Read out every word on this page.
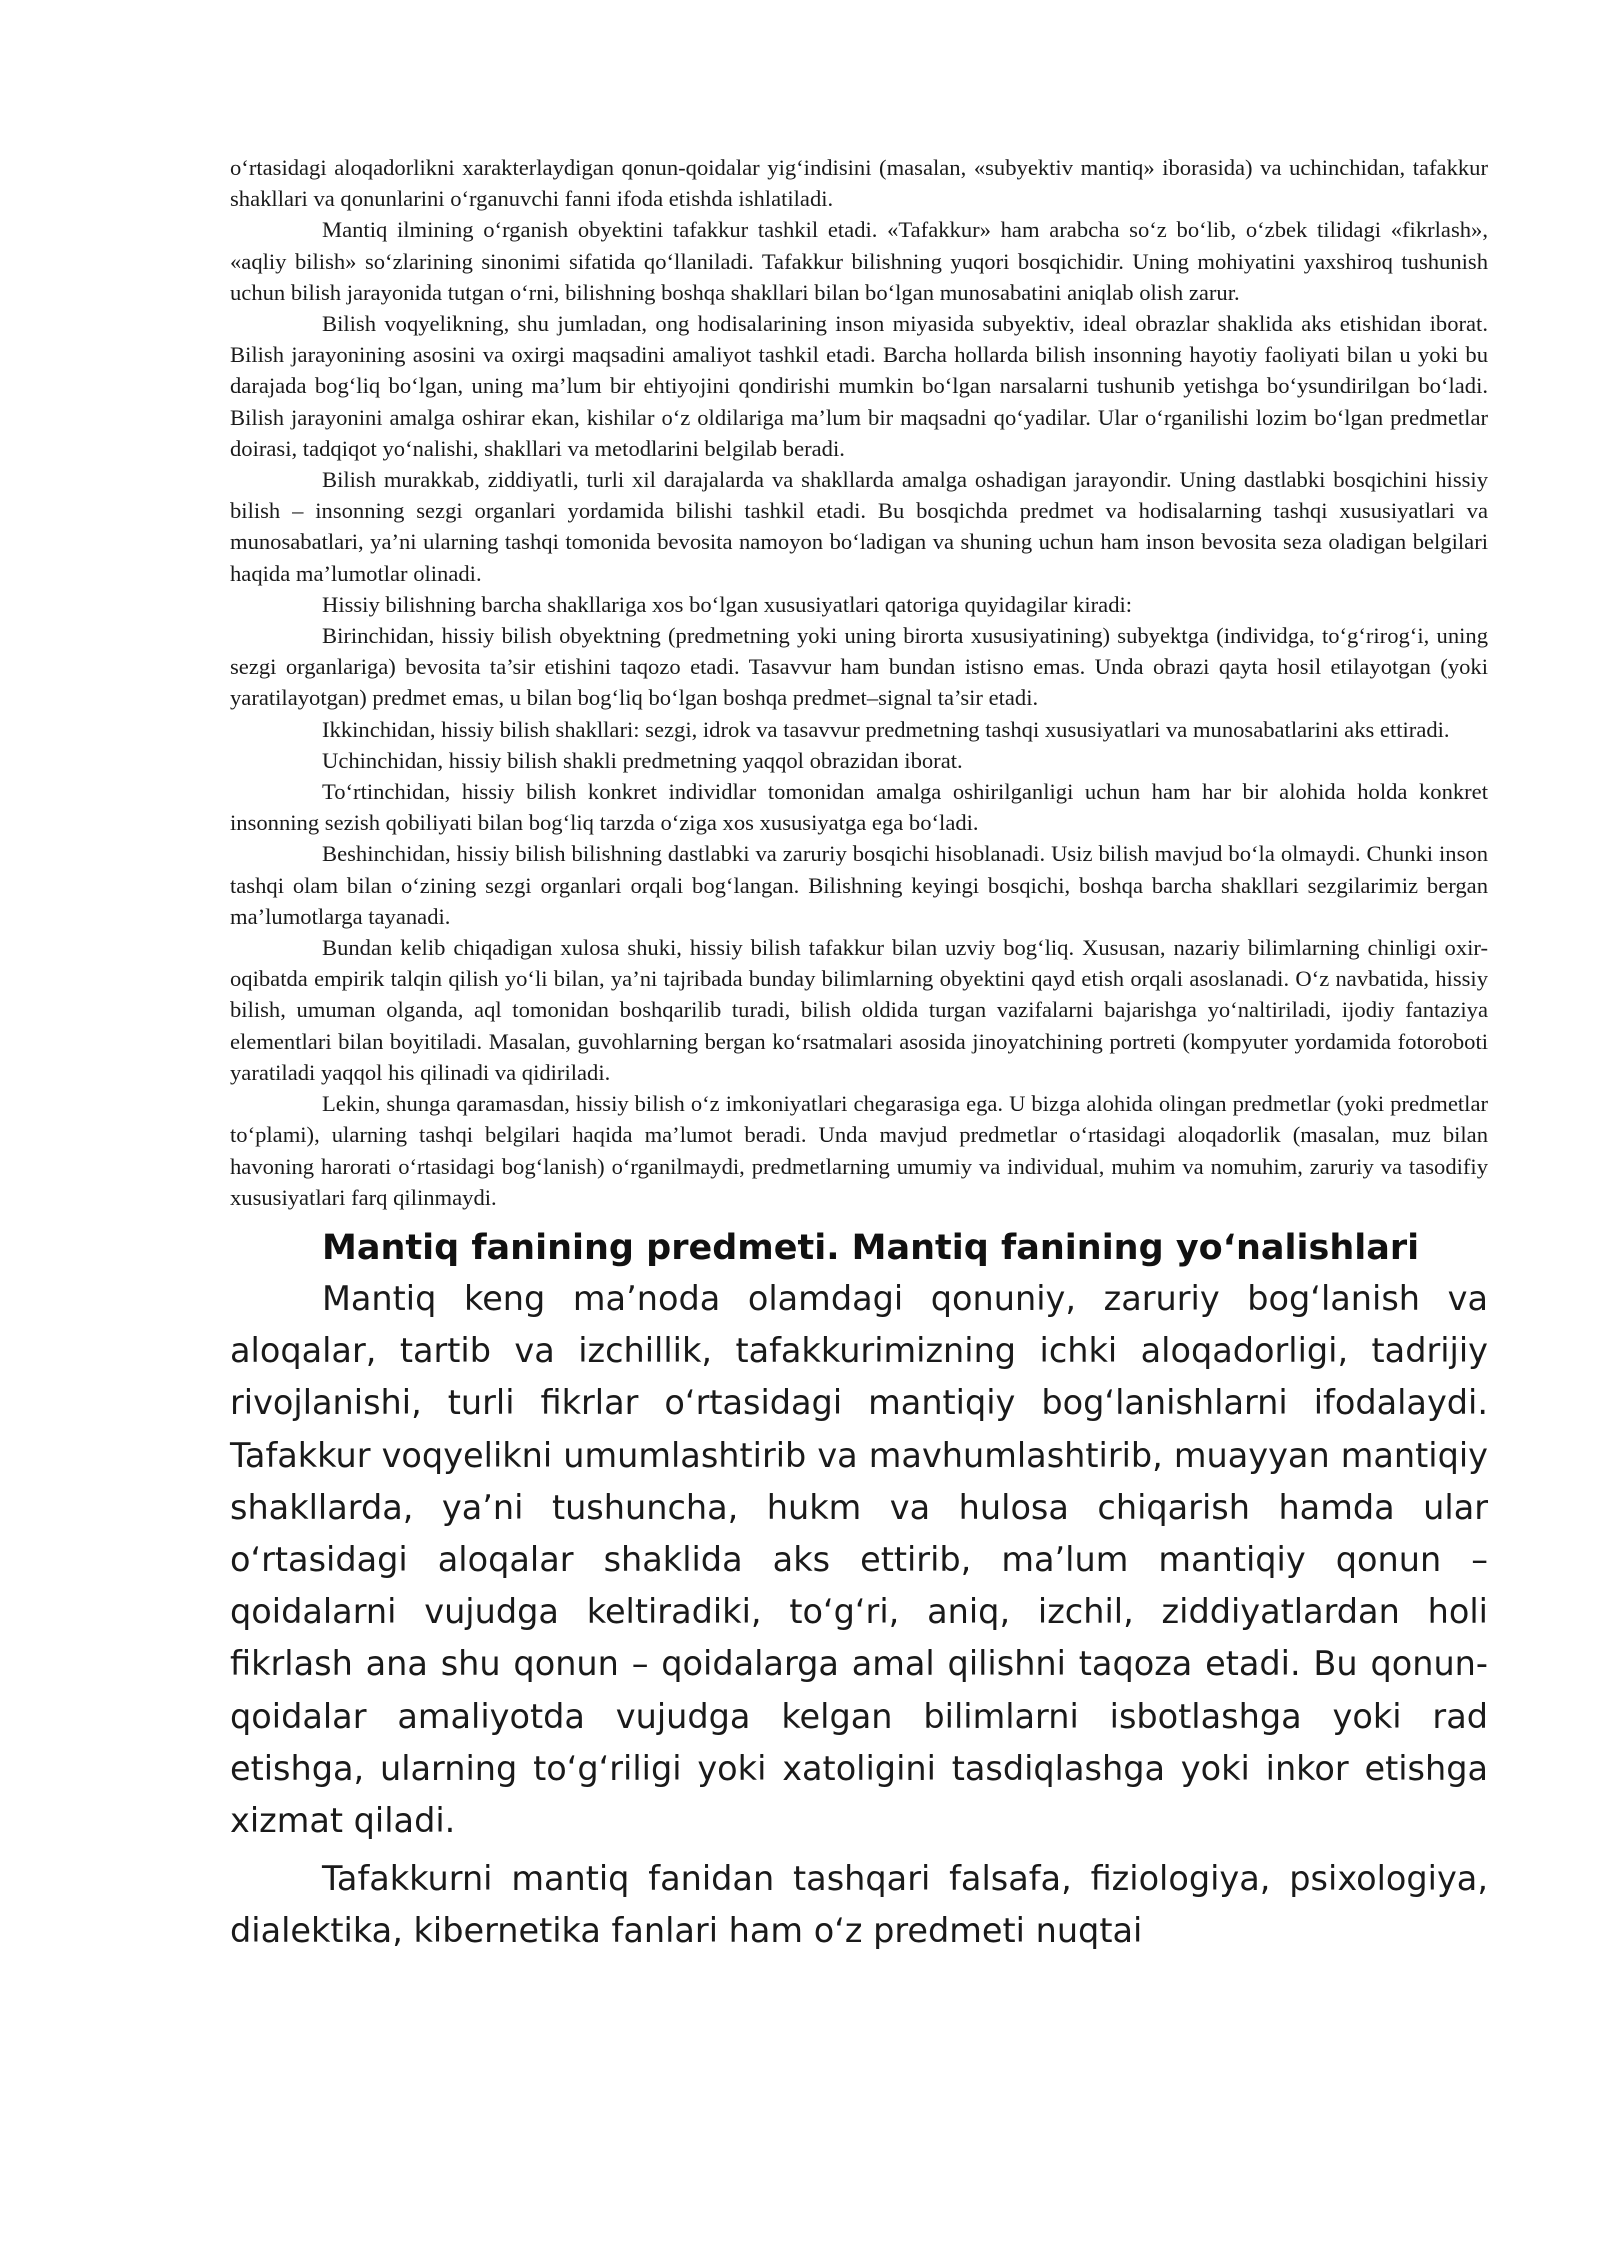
o‘rtasidagi aloqadorlikni xarakterlaydigan qonun-qoidalar yig‘indisini (masalan, «subyektiv mantiq» iborasida) va uchinchidan, tafakkur shakllari va qonunlarini o‘rganuvchi fanni ifoda etishda ishlatiladi.

Mantiq ilmining o‘rganish obyektini tafakkur tashkil etadi. «Tafakkur» ham arabcha so‘z bo‘lib, o‘zbek tilidagi «fikrlash», «aqliy bilish» so‘zlarining sinonimi sifatida qo‘llaniladi. Tafakkur bilishning yuqori bosqichidir. Uning mohiyatini yaxshiroq tushunish uchun bilish jarayonida tutgan o‘rni, bilishning boshqa shakllari bilan bo‘lgan munosabatini aniqlab olish zarur.

Bilish voqyelikning, shu jumladan, ong hodisalarining inson miyasida subyektiv, ideal obrazlar shaklida aks etishidan iborat. Bilish jarayonining asosini va oxirgi maqsadini amaliyot tashkil etadi. Barcha hollarda bilish insonning hayotiy faoliyati bilan u yoki bu darajada bog‘liq bo‘lgan, uning ma’lum bir ehtiyojini qondirishi mumkin bo‘lgan narsalarni tushunib yetishga bo‘ysundirilgan bo‘ladi. Bilish jarayonini amalga oshirar ekan, kishilar o‘z oldilariga ma’lum bir maqsadni qo‘yadilar. Ular o‘rganilishi lozim bo‘lgan predmetlar doirasi, tadqiqot yo‘nalishi, shakllari va metodlarini belgilab beradi.

Bilish murakkab, ziddiyatli, turli xil darajalarda va shakllarda amalga oshadigan jarayondir. Uning dastlabki bosqichini hissiy bilish – insonning sezgi organlari yordamida bilishi tashkil etadi. Bu bosqichda predmet va hodisalarning tashqi xususiyatlari va munosabatlari, ya’ni ularning tashqi tomonida bevosita namoyon bo‘ladigan va shuning uchun ham inson bevosita seza oladigan belgilari haqida ma’lumotlar olinadi.

Hissiy bilishning barcha shakllariga xos bo‘lgan xususiyatlari qatoriga quyidagilar kiradi:

Birinchidan, hissiy bilish obyektning (predmetning yoki uning birorta xususiyatining) subyektga (individga, to‘g‘rirog‘i, uning sezgi organlariga) bevosita ta’sir etishini taqozo etadi. Tasavvur ham bundan istisno emas. Unda obrazi qayta hosil etilayotgan (yoki yaratilayotgan) predmet emas, u bilan bog‘liq bo‘lgan boshqa predmet–signal ta’sir etadi.

Ikkinchidan, hissiy bilish shakllari: sezgi, idrok va tasavvur predmetning tashqi xususiyatlari va munosabatlarini aks ettiradi.

Uchinchidan, hissiy bilish shakli predmetning yaqqol obrazidan iborat.

To‘rtinchidan, hissiy bilish konkret individlar tomonidan amalga oshirilganligi uchun ham har bir alohida holda konkret insonning sezish qobiliyati bilan bog‘liq tarzda o‘ziga xos xususiyatga ega bo‘ladi.

Beshinchidan, hissiy bilish bilishning dastlabki va zaruriy bosqichi hisoblanadi. Usiz bilish mavjud bo‘la olmaydi. Chunki inson tashqi olam bilan o‘zining sezgi organlari orqali bog‘langan. Bilishning keyingi bosqichi, boshqa barcha shakllari sezgilarimiz bergan ma’lumotlarga tayanadi.

Bundan kelib chiqadigan xulosa shuki, hissiy bilish tafakkur bilan uzviy bog‘liq. Xususan, nazariy bilimlarning chinligi oxir-oqibatda empirik talqin qilish yo‘li bilan, ya’ni tajribada bunday bilimlarning obyektini qayd etish orqali asoslanadi. O‘z navbatida, hissiy bilish, umuman olganda, aql tomonidan boshqarilib turadi, bilish oldida turgan vazifalarni bajarishga yo‘naltiriladi, ijodiy fantaziya elementlari bilan boyitiladi. Masalan, guvohlarning bergan ko‘rsatmalari asosida jinoyatchining portreti (kompyuter yordamida fotoroboti yaratiladi yaqqol his qilinadi va qidiriladi.

Lekin, shunga qaramasdan, hissiy bilish o‘z imkoniyatlari chegarasiga ega. U bizga alohida olingan predmetlar (yoki predmetlar to‘plami), ularning tashqi belgilari haqida ma’lumot beradi. Unda mavjud predmetlar o‘rtasidagi aloqadorlik (masalan, muz bilan havoning harorati o‘rtasidagi bog‘lanish) o‘rganilmaydi, predmetlarning umumiy va individual, muhim va nomuhim, zaruriy va tasodifiy xususiyatlari farq qilinmaydi.

Mantiq fanining predmeti. Mantiq fanining yo‘nalishlari

Mantiq keng ma’noda olamdagi qonuniy, zaruriy bog‘lanish va aloqalar, tartib va izchillik, tafakkurimizning ichki aloqadorligi, tadrijiy rivojlanishi, turli fikrlar o‘rtasidagi mantiqiy bog‘lanishlarni ifodalaydi. Tafakkur voqyelikni umumlashtirib va mavhumlashtirib, muayyan mantiqiy shakllarda, ya’ni tushuncha, hukm va hulosa chiqarish hamda ular o‘rtasidagi aloqalar shaklida aks ettirib, ma’lum mantiqiy qonun – qoidalarni vujudga keltiradiki, to‘g‘ri, aniq, izchil, ziddiyatlardan holi fikrlash ana shu qonun – qoidalarga amal qilishni taqoza etadi. Bu qonun-qoidalar amaliyotda vujudga kelgan bilimlarni isbotlashga yoki rad etishga, ularning to‘g‘riligi yoki xatoligini tasdiqlashga yoki inkor etishga xizmat qiladi.

Tafakkurni mantiq fanidan tashqari falsafa, fiziologiya, psixologiya, dialektika, kibernetika fanlari ham o‘z predmeti nuqtai
